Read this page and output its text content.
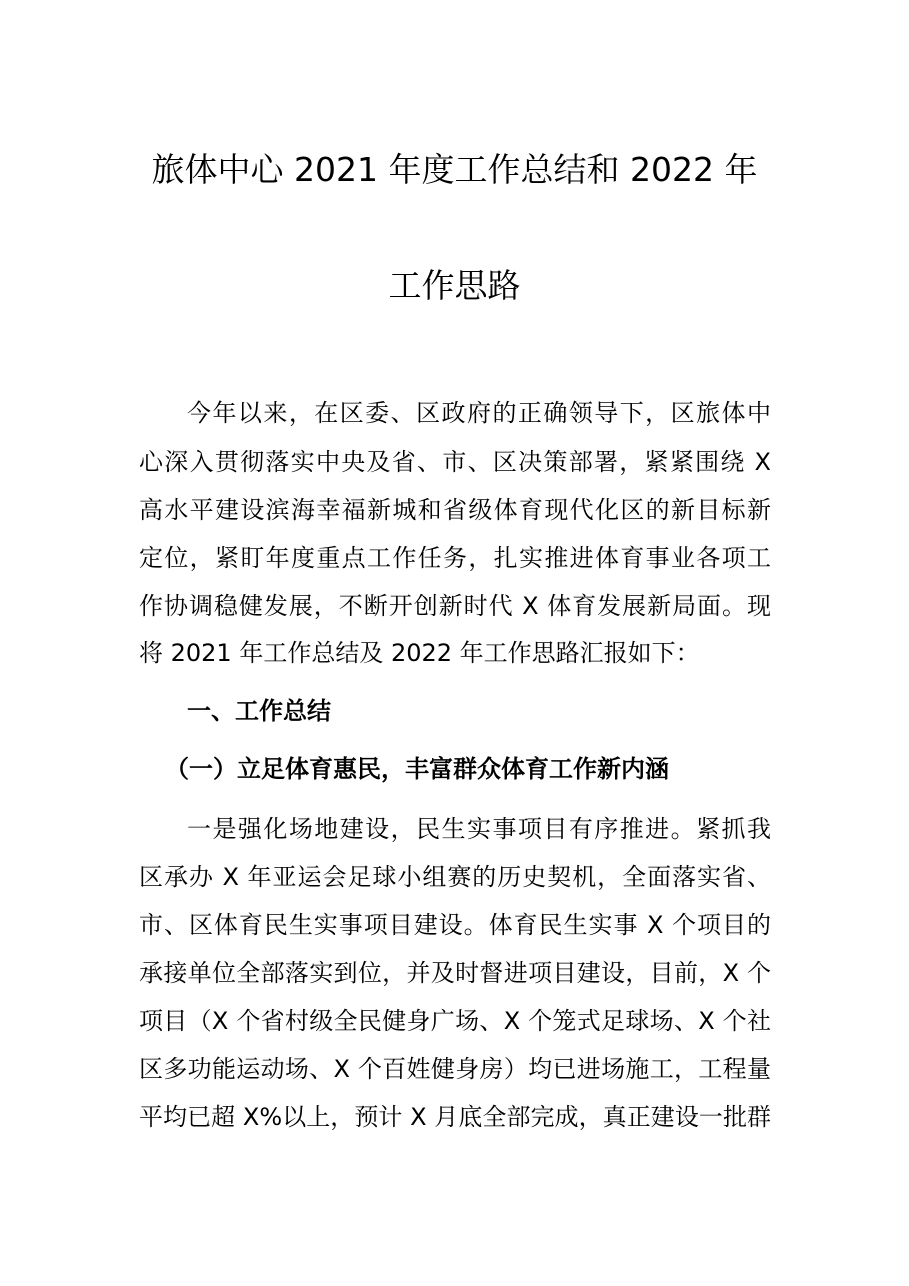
旅体中心 2021 年度工作总结和 2022 年
工作思路
今年以来，在区委、区政府的正确领导下，区旅体中
心深入贯彻落实中央及省、市、区决策部署，紧紧围绕 X
高水平建设滨海幸福新城和省级体育现代化区的新目标新
定位，紧盯年度重点工作任务，扎实推进体育事业各项工
作协调稳健发展，不断开创新时代 X 体育发展新局面。现
将 2021 年工作总结及 2022 年工作思路汇报如下：
一、工作总结
（一）立足体育惠民，丰富群众体育工作新内涵
一是强化场地建设，民生实事项目有序推进。紧抓我
区承办 X 年亚运会足球小组赛的历史契机，全面落实省、
市、区体育民生实事项目建设。体育民生实事 X 个项目的
承接单位全部落实到位，并及时督进项目建设，目前，X 个
项目（X 个省村级全民健身广场、X 个笼式足球场、X 个社
区多功能运动场、X 个百姓健身房）均已进场施工，工程量
平均已超 X%以上，预计 X 月底全部完成，真正建设一批群
